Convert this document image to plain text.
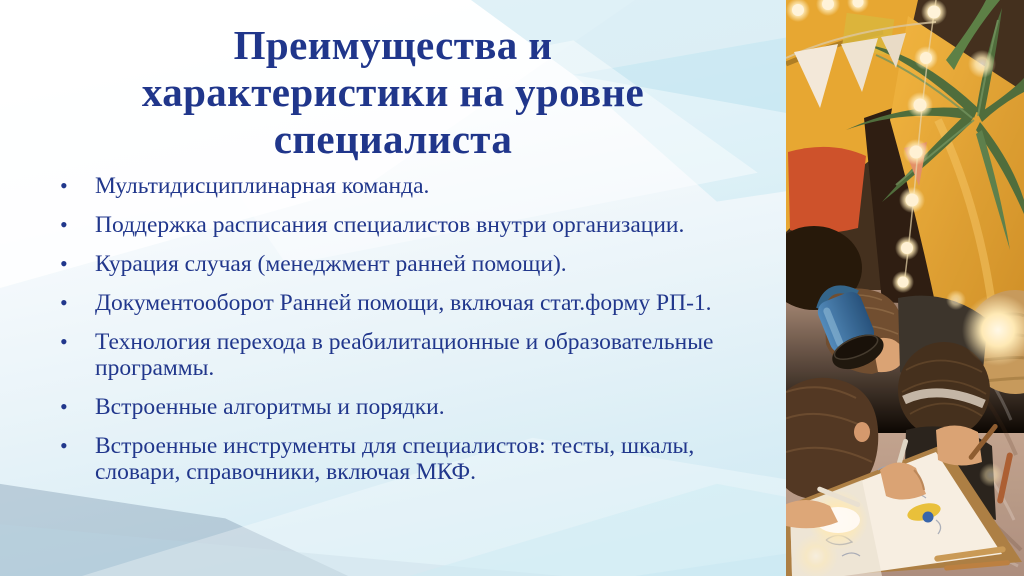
Преимущества и
характеристики на уровне
специалиста
• Мультидисциплинарная команда.
• Поддержка расписания специалистов внутри организации.
• Курация случая (менеджмент ранней помощи).
• Документооборот Ранней помощи, включая стат.форму РП-1.
• Технология перехода в реабилитационные и образовательные программы.
• Встроенные алгоритмы и порядки.
• Встроенные инструменты для специалистов: тесты, шкалы, словари, справочники, включая МКФ.
